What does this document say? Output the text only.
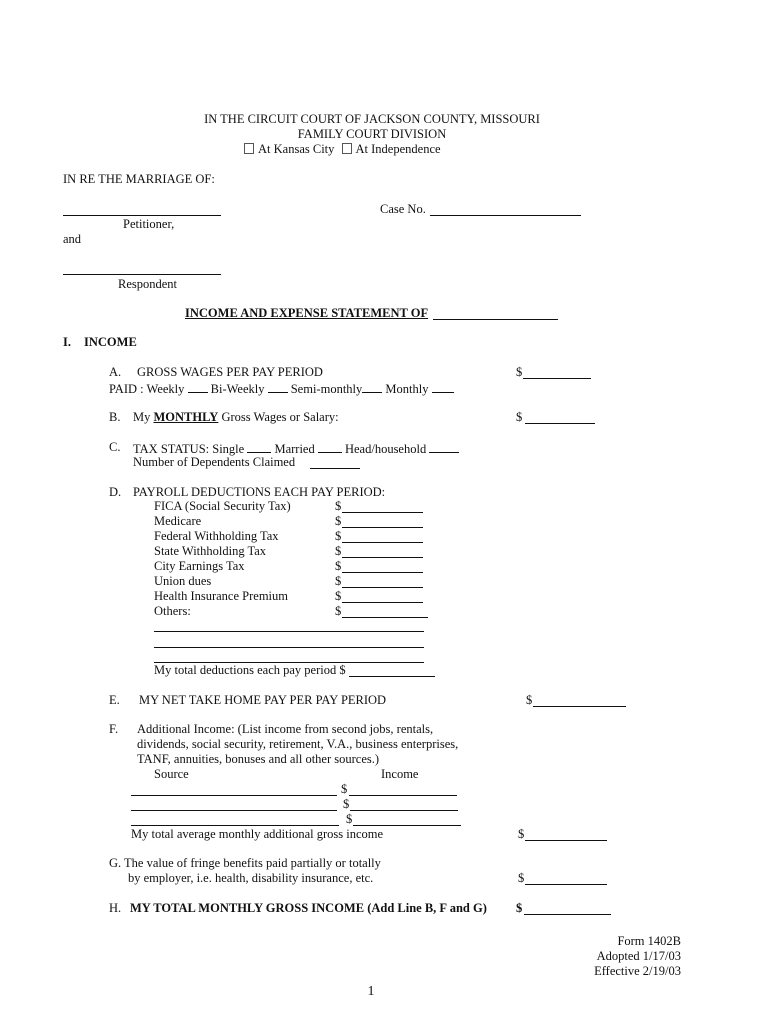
IN THE CIRCUIT COURT OF JACKSON COUNTY, MISSOURI
FAMILY COURT DIVISION
At Kansas City At Independence
IN RE THE MARRIAGE OF:
Case No.
Petitioner,
and
Respondent
INCOME AND EXPENSE STATEMENT OF
I. INCOME
A. GROSS WAGES PER PAY PERIOD	$
PAID : Weekly Bi-Weekly Semi-monthly Monthly
B. My MONTHLY Gross Wages or Salary:	$
C. TAX STATUS: Single Married Head/household
Number of Dependents Claimed
D. PAYROLL DEDUCTIONS EACH PAY PERIOD:
FICA (Social Security Tax)	$
Medicare	$
Federal Withholding Tax	$
State Withholding Tax	$
City Earnings Tax	$
Union dues	$
Health Insurance Premium	$
Others:	$
My total deductions each pay period $
E. MY NET TAKE HOME PAY PER PAY PERIOD	$
F. Additional Income: (List income from second jobs, rentals,
dividends, social security, retirement, V.A., business enterprises,
TANF, annuities, bonuses and all other sources.)
Source	Income
$
$
$
My total average monthly additional gross income	$
G. The value of fringe benefits paid partially or totally
by employer, i.e. health, disability insurance, etc.	$
H. MY TOTAL MONTHLY GROSS INCOME (Add Line B, F and G) $
Form 1402B
Adopted 1/17/03
Effective 2/19/03
1
